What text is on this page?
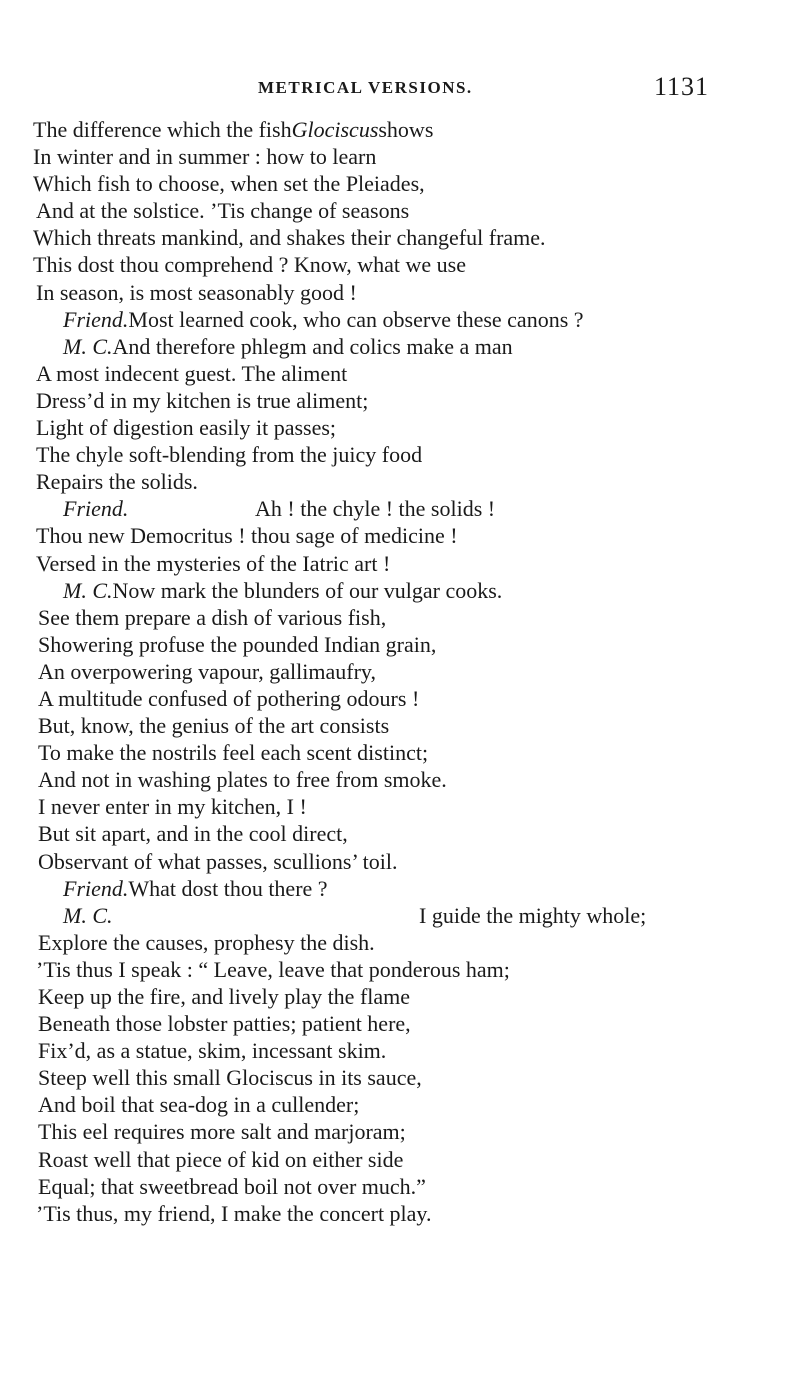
METRICAL VERSIONS.	1131
The difference which the fishGlociscusshows
In winter and in summer : how to learn
Which fish to choose, when set the Pleiades,
And at the solstice. ’Tis change of seasons
Which threats mankind, and shakes their changeful frame.
This dost thou comprehend ? Know, what we use
In season, is most seasonably good !
Friend.Most learned cook, who can observe these canons ?
M. C.And therefore phlegm and colics make a man
A most indecent guest. The aliment
Dress’d in my kitchen is true aliment;
Light of digestion easily it passes;
The chyle soft-blending from the juicy food
Repairs the solids.
Friend.	Ah ! the chyle ! the solids !
Thou new Democritus ! thou sage of medicine !
Versed in the mysteries of the Iatric art !
M. C.Now mark the blunders of our vulgar cooks.
See them prepare a dish of various fish,
Showering profuse the pounded Indian grain,
An overpowering vapour, gallimaufry,
A multitude confused of pothering odours !
But, know, the genius of the art consists
To make the nostrils feel each scent distinct;
And not in washing plates to free from smoke.
I never enter in my kitchen, I !
But sit apart, and in the cool direct,
Observant of what passes, scullions’ toil.
Friend.What dost thou there ?
M. C.	I guide the mighty whole;
Explore the causes, prophesy the dish.
’Tis thus I speak : “ Leave, leave that ponderous ham;
Keep up the fire, and lively play the flame
Beneath those lobster patties; patient here,
Fix’d, as a statue, skim, incessant skim.
Steep well this small Glociscus in its sauce,
And boil that sea-dog in a cullender;
This eel requires more salt and marjoram;
Roast well that piece of kid on either side
Equal; that sweetbread boil not over much.”
’Tis thus, my friend, I make the concert play.
